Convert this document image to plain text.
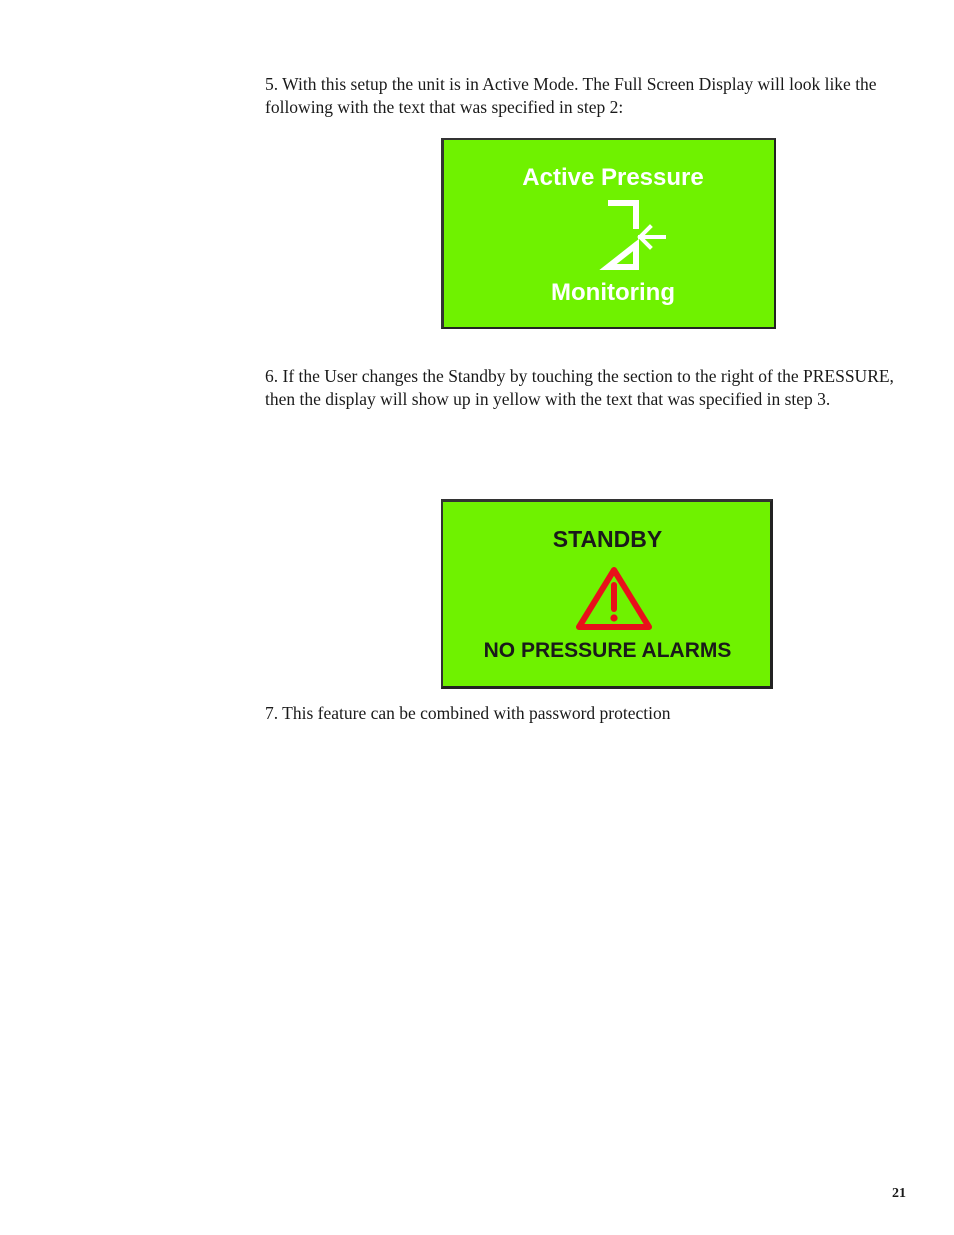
5. With this setup the unit is in Active Mode. The Full Screen Display will look like the following with the text that was specified in step 2:

Active Pressure
Monitoring

6. If the User changes the Standby by touching the section to the right of the PRESSURE, then the display will show up in yellow with the text that was specified in step 3.

STANDBY
NO PRESSURE ALARMS

7. This feature can be combined with password protection

21
